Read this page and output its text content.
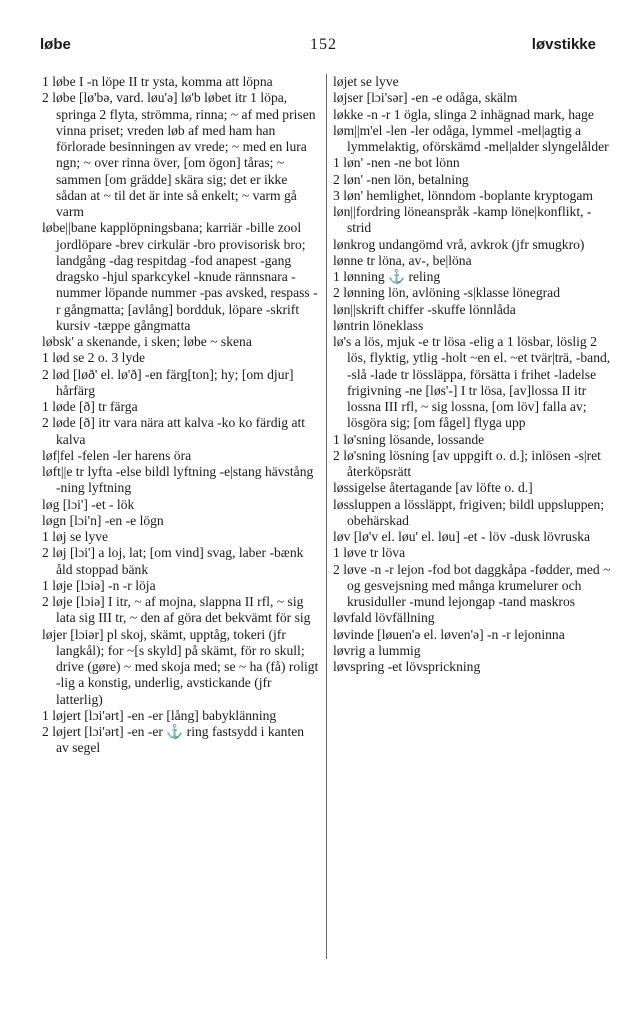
løbe	152	løvstikke

1 løbe I -n löpe II tr ysta, komma att löpna

2 løbe [lø'bə, vard. løu'ə] lø'b løbet itr 1 löpa, springa 2 flyta, strömma, rinna; ~ af med prisen vinna priset; vreden løb af med ham han förlorade besinningen av vrede; ~ med en lura ngn; ~ over rinna över, [om ögon] tåras; ~ sammen [om grädde] skära sig; det er ikke sådan at ~ til det är inte så enkelt; ~ varm gå varm

løbe||bane kapplöpningsbana; karriär -bille zool jordlöpare -brev cirkulär -bro provisorisk bro; landgång -dag respitdag -fod anapest -gang dragsko -hjul sparkcykel -knude rännsnara -nummer löpande nummer -pas avsked, respass -r gångmatta; [avlång] bordduk, löpare -skrift kursiv -tæppe gångmatta

løbsk' a skenande, i sken; løbe ~ skena

1 lød se 2 o. 3 lyde

2 lød [løð' el. lø'ð] -en färg[ton]; hy; [om djur] hårfärg

1 løde [ð] tr färga

2 løde [ð] itr vara nära att kalva -ko ko färdig att kalva

løf|fel -felen -ler harens öra

løft||e tr lyfta -else bildl lyftning -e|stang hävstång -ning lyftning

løg [lɔi'] -et - lök

løgn [lɔi'n] -en -e lögn

1 løj se lyve

2 løj [lɔi'] a loj, lat; [om vind] svag, laber -bænk åld stoppad bänk

1 løje [lɔiə] -n -r löja

2 løje [lɔiə] I itr, ~ af mojna, slappna II rfl, ~ sig lata sig III tr, ~ den af göra det bekvämt för sig

løjer [lɔiər] pl skoj, skämt, upptåg, tokeri (jfr langkål); for ~[s skyld] på skämt, för ro skull; drive (gøre) ~ med skoja med; se ~ ha (få) roligt -lig a konstig, underlig, avstickande (jfr latterlig)

1 løjert [lɔi'ərt] -en -er [lång] babyklänning

2 løjert [lɔi'ərt] -en -er ⚓ ring fastsydd i kanten av segel

løjet se lyve

løjser [lɔi'sər] -en -e odåga, skälm

løkke -n -r 1 ögla, slinga 2 inhägnad mark, hage

løm||m'el -len -ler odåga, lymmel -mel|agtig a lymmelaktig, oförskämd -mel|alder slyngelålder

1 løn' -nen -ne bot lönn

2 løn' -nen lön, betalning

3 løn' hemlighet, lönndom -boplante kryptogam

løn||fordring löneanspråk -kamp löne|konflikt, -strid

lønkrog undangömd vrå, avkrok (jfr smugkro)

lønne tr löna, av-, be|löna

1 lønning ⚓ reling

2 lønning lön, avlöning -s|klasse lönegrad

løn||skrift chiffer -skuffe lönnlåda

løntrin löneklass

lø's a lös, mjuk -e tr lösa -elig a 1 lösbar, löslig 2 lös, flyktig, ytlig -holt ~en el. ~et tvär|trä, -band, -slå -lade tr lössläppa, försätta i frihet -ladelse frigivning -ne [løs'-] I tr lösa, [av]lossa II itr lossna III rfl, ~ sig lossna, [om löv] falla av; lösgöra sig; [om fågel] flyga upp

1 lø'sning lösande, lossande

2 lø'sning lösning [av uppgift o. d.]; inlösen -s|ret återköpsrätt

løssigelse återtagande [av löfte o. d.]

løssluppen a lössläppt, frigiven; bildl uppsluppen; obehärskad

løv [lø'v el. løu' el. løu] -et - löv -dusk lövruska

1 løve tr löva

2 løve -n -r lejon -fod bot daggkåpa -fødder, med ~ og gesvejsning med många krumelurer och krusiduller -mund lejongap -tand maskros

løvfald lövfällning

løvinde [løuen'ə el. løven'ə] -n -r lejoninna

løvrig a lummig

løvspring -et lövsprickning
